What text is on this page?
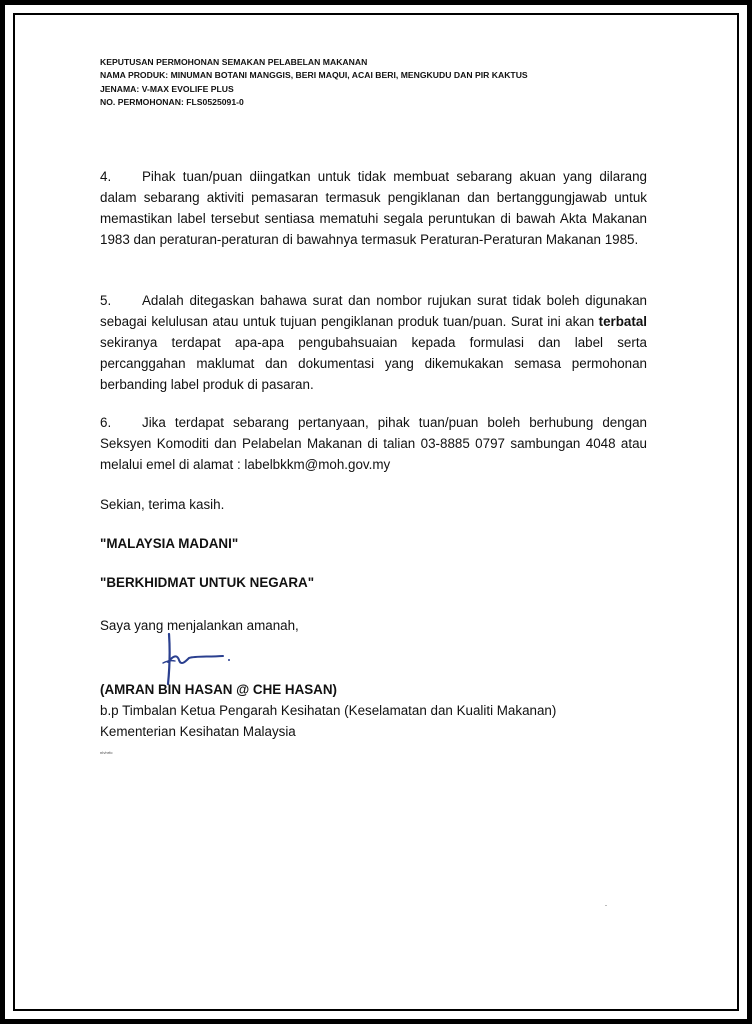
KEPUTUSAN PERMOHONAN SEMAKAN PELABELAN MAKANAN
NAMA PRODUK: MINUMAN BOTANI MANGGIS, BERI MAQUI, ACAI BERI, MENGKUDU DAN PIR KAKTUS
JENAMA: V-MAX EVOLIFE PLUS
NO. PERMOHONAN: FLS0525091-0
4. Pihak tuan/puan diingatkan untuk tidak membuat sebarang akuan yang dilarang dalam sebarang aktiviti pemasaran termasuk pengiklanan dan bertanggungjawab untuk memastikan label tersebut sentiasa mematuhi segala peruntukan di bawah Akta Makanan 1983 dan peraturan-peraturan di bawahnya termasuk Peraturan-Peraturan Makanan 1985.
5. Adalah ditegaskan bahawa surat dan nombor rujukan surat tidak boleh digunakan sebagai kelulusan atau untuk tujuan pengiklanan produk tuan/puan. Surat ini akan terbatal sekiranya terdapat apa-apa pengubahsuaian kepada formulasi dan label serta percanggahan maklumat dan dokumentasi yang dikemukakan semasa permohonan berbanding label produk di pasaran.
6. Jika terdapat sebarang pertanyaan, pihak tuan/puan boleh berhubung dengan Seksyen Komoditi dan Pelabelan Makanan di talian 03-8885 0797 sambungan 4048 atau melalui emel di alamat : labelbkkm@moh.gov.my
Sekian, terima kasih.
"MALAYSIA MADANI"
"BERKHIDMAT UNTUK NEGARA"
Saya yang menjalankan amanah,
(AMRAN BIN HASAN @ CHE HASAN)
b.p Timbalan Ketua Pengarah Kesihatan (Keselamatan dan Kualiti Makanan)
Kementerian Kesihatan Malaysia
nh/nrfo
